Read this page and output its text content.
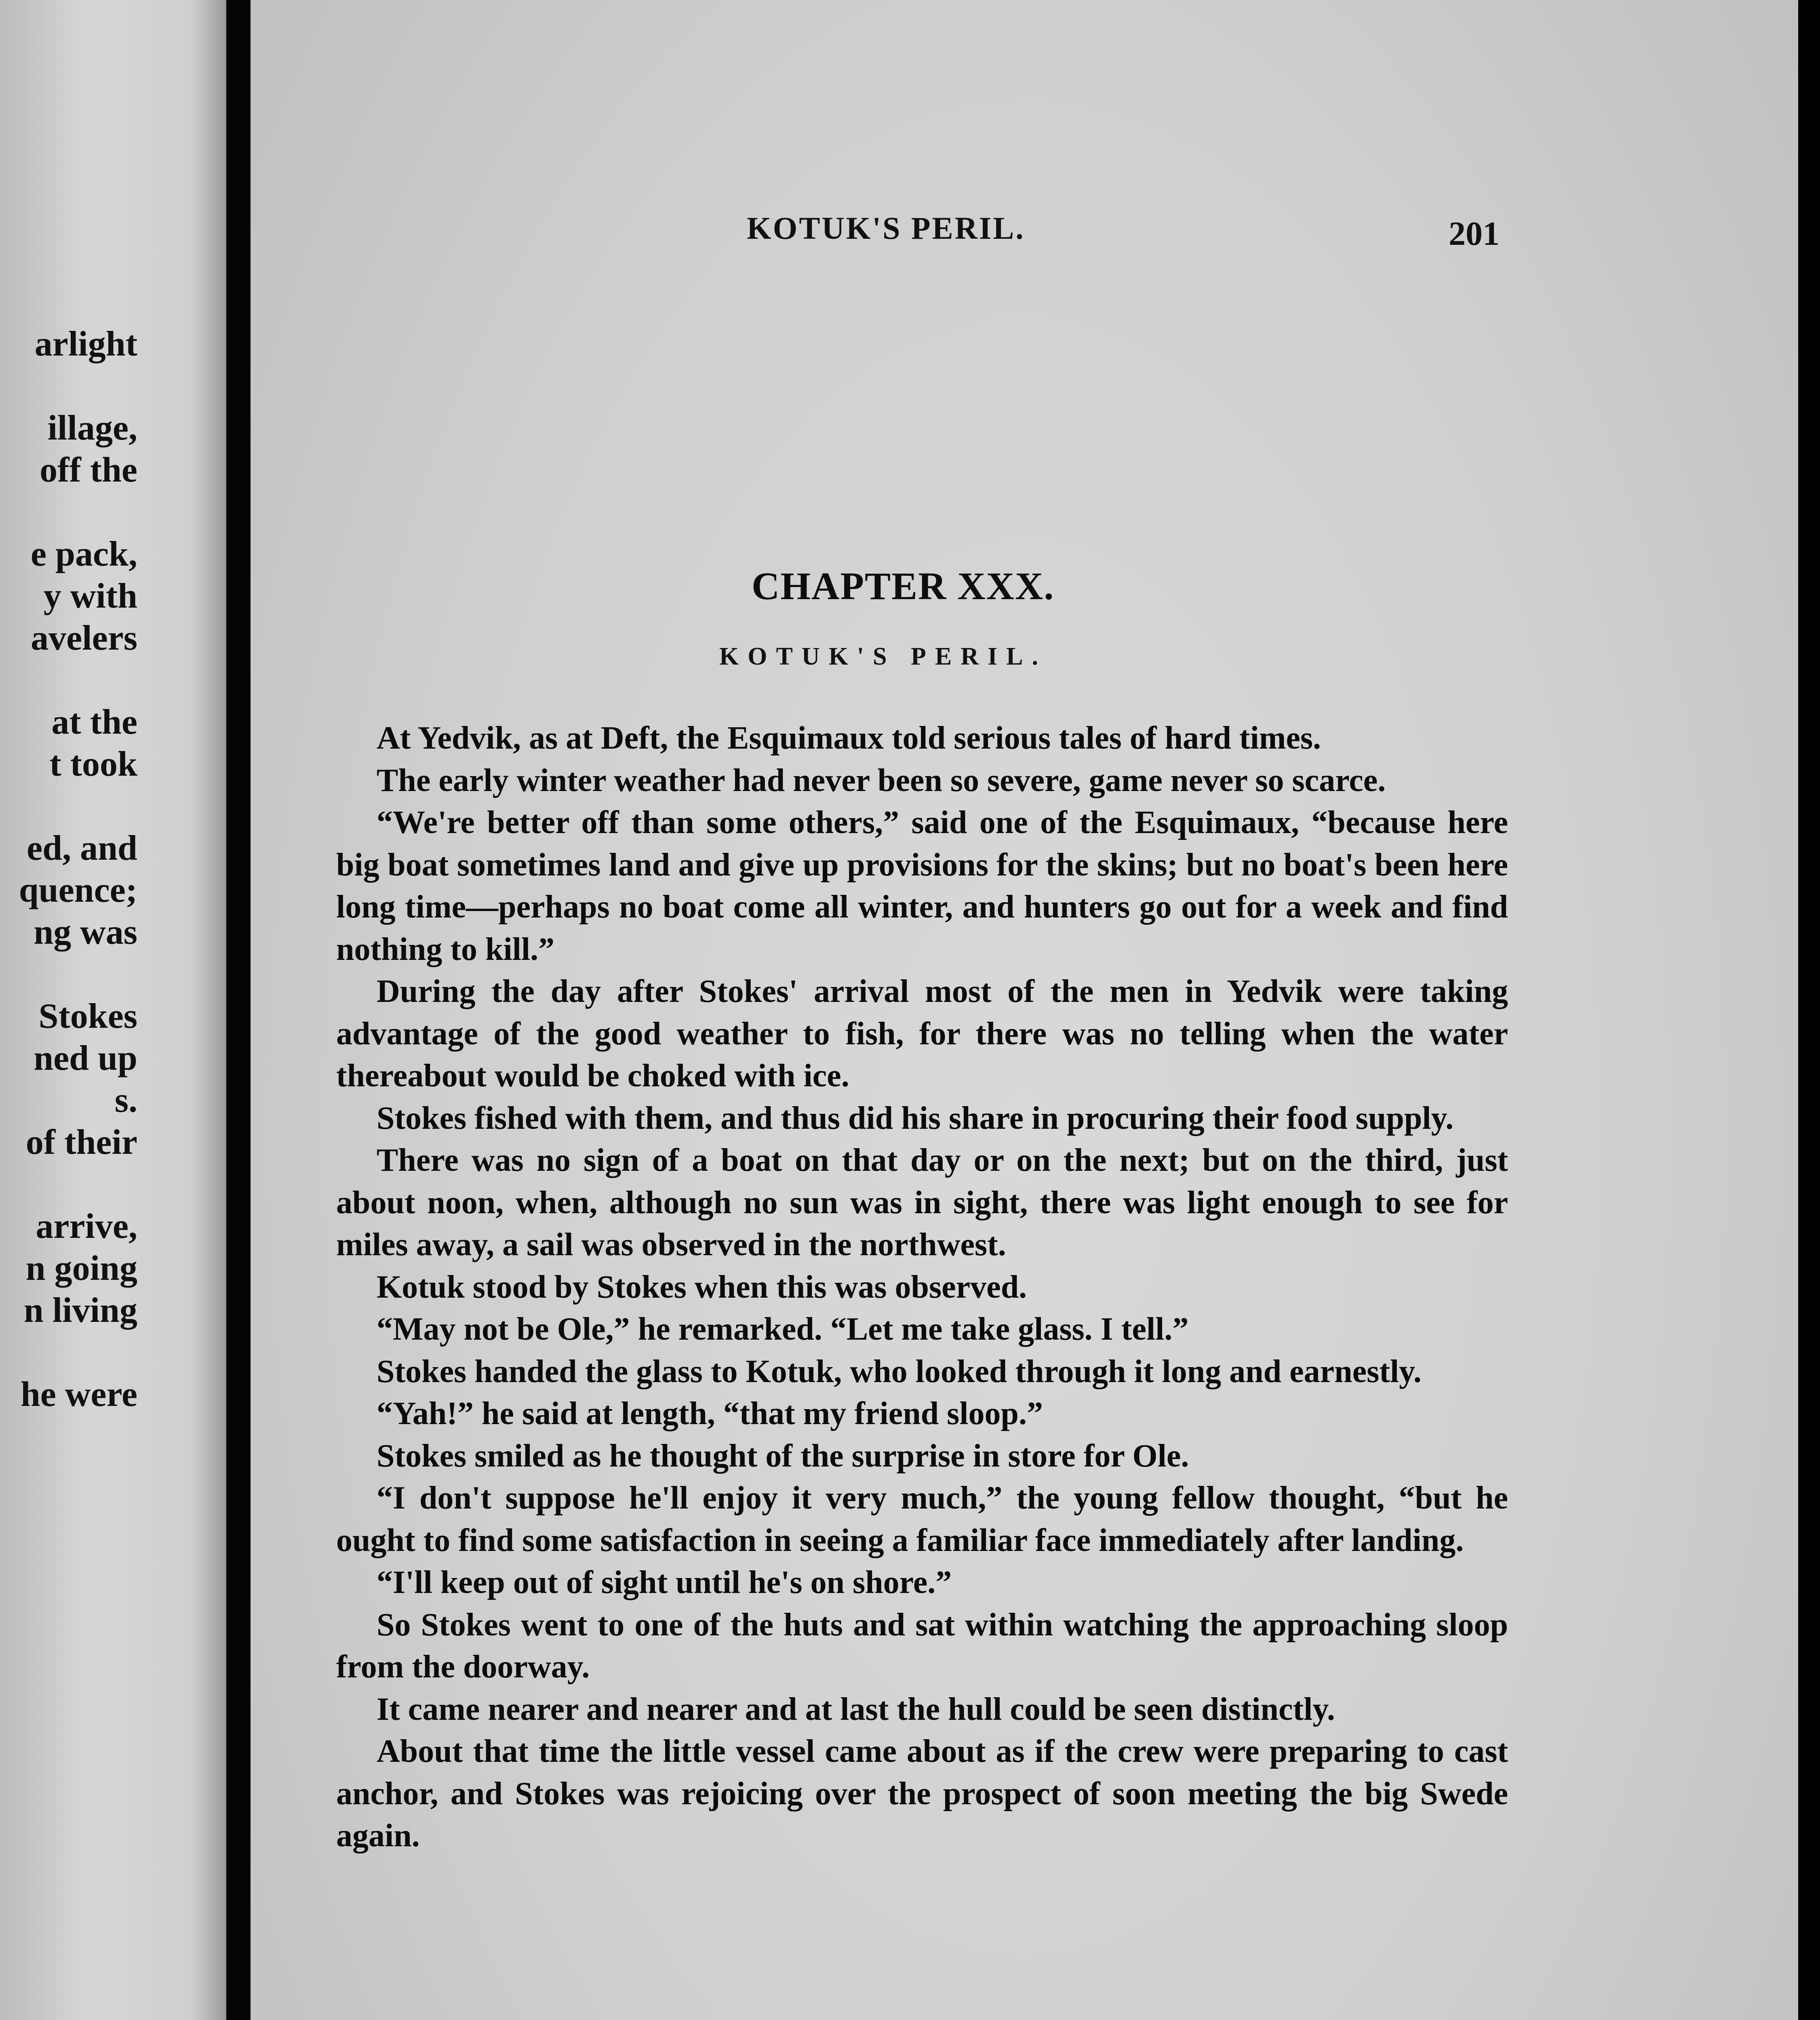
arlight
illage,
off the
e pack,
y with
avelers
at the
t took
ed, and
quence;
ng was
Stokes
ned up
s.
of their
arrive,
n going
n living
he were
KOTUK'S PERIL.	201
CHAPTER XXX.
KOTUK'S PERIL.

At Yedvik, as at Deft, the Esquimaux told serious tales of hard times.

The early winter weather had never been so severe, game never so scarce.

“We're better off than some others,” said one of the Esquimaux, “because here big boat sometimes land and give up provisions for the skins; but no boat's been here long time—perhaps no boat come all winter, and hunters go out for a week and find nothing to kill.”

During the day after Stokes' arrival most of the men in Yedvik were taking advantage of the good weather to fish, for there was no telling when the water thereabout would be choked with ice.

Stokes fished with them, and thus did his share in procuring their food supply.

There was no sign of a boat on that day or on the next; but on the third, just about noon, when, although no sun was in sight, there was light enough to see for miles away, a sail was observed in the northwest.

Kotuk stood by Stokes when this was observed.

“May not be Ole,” he remarked. “Let me take glass. I tell.”

Stokes handed the glass to Kotuk, who looked through it long and earnestly.

“Yah!” he said at length, “that my friend sloop.”

Stokes smiled as he thought of the surprise in store for Ole.

“I don't suppose he'll enjoy it very much,” the young fellow thought, “but he ought to find some satisfaction in seeing a familiar face immediately after landing.

“I'll keep out of sight until he's on shore.”

So Stokes went to one of the huts and sat within watching the approaching sloop from the doorway.

It came nearer and nearer and at last the hull could be seen distinctly.

About that time the little vessel came about as if the crew were preparing to cast anchor, and Stokes was rejoicing over the prospect of soon meeting the big Swede again.
